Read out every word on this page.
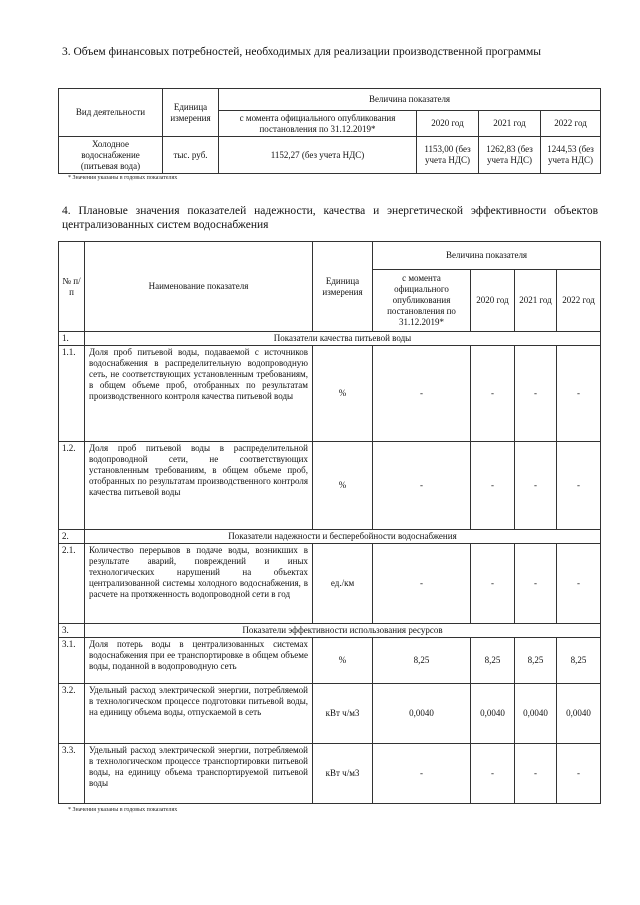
3. Объем финансовых потребностей, необходимых для реализации производственной программы
Вид деятельности	Единица измерения	Величина показателя			
		с момента официального опубликования постановления по 31.12.2019*	2020 год	2021 год	2022 год
Холодное водоснабжение (питьевая вода)	тыс. руб.	1152,27 (без учета НДС)	1153,00 (без учета НДС)	1262,83 (без учета НДС)	1244,53 (без учета НДС)
* Значения указаны в годовых показателях
4. Плановые значения показателей надежности, качества и энергетической эффективности объектов централизованных систем водоснабжения
№ п/п	Наименование показателя	Единица измерения	Величина показателя			
			с момента официального опубликования постановления по 31.12.2019*	2020 год	2021 год	2022 год
1.	Показатели качества питьевой воды					
1.1.	Доля проб питьевой воды, подаваемой с источников водоснабжения в распределительную водопроводную сеть, не соответствующих установленным требованиям, в общем объеме проб, отобранных по результатам производственного контроля качества питьевой воды	%	-	-	-	-
1.2.	Доля проб питьевой воды в распределительной водопроводной сети, не соответствующих установленным требованиям, в общем объеме проб, отобранных по результатам производственного контроля качества питьевой воды	%	-	-	-	-
2.	Показатели надежности и бесперебойности водоснабжения					
2.1.	Количество перерывов в подаче воды, возникших в результате аварий, повреждений и иных технологических нарушений на объектах централизованной системы холодного водоснабжения, в расчете на протяженность водопроводной сети в год	ед./км	-	-	-	-
3.	Показатели эффективности использования ресурсов					
3.1.	Доля потерь воды в централизованных системах водоснабжения при ее транспортировке в общем объеме воды, поданной в водопроводную сеть	%	8,25	8,25	8,25	8,25
3.2.	Удельный расход электрической энергии, потребляемой в технологическом процессе подготовки питьевой воды, на единицу объема воды, отпускаемой в сеть	кВт ч/м3	0,0040	0,0040	0,0040	0,0040
3.3.	Удельный расход электрической энергии, потребляемой в технологическом процессе транспортировки питьевой воды, на единицу объема транспортируемой питьевой воды	кВт ч/м3	-	-	-	-
* Значения указаны в годовых показателях
